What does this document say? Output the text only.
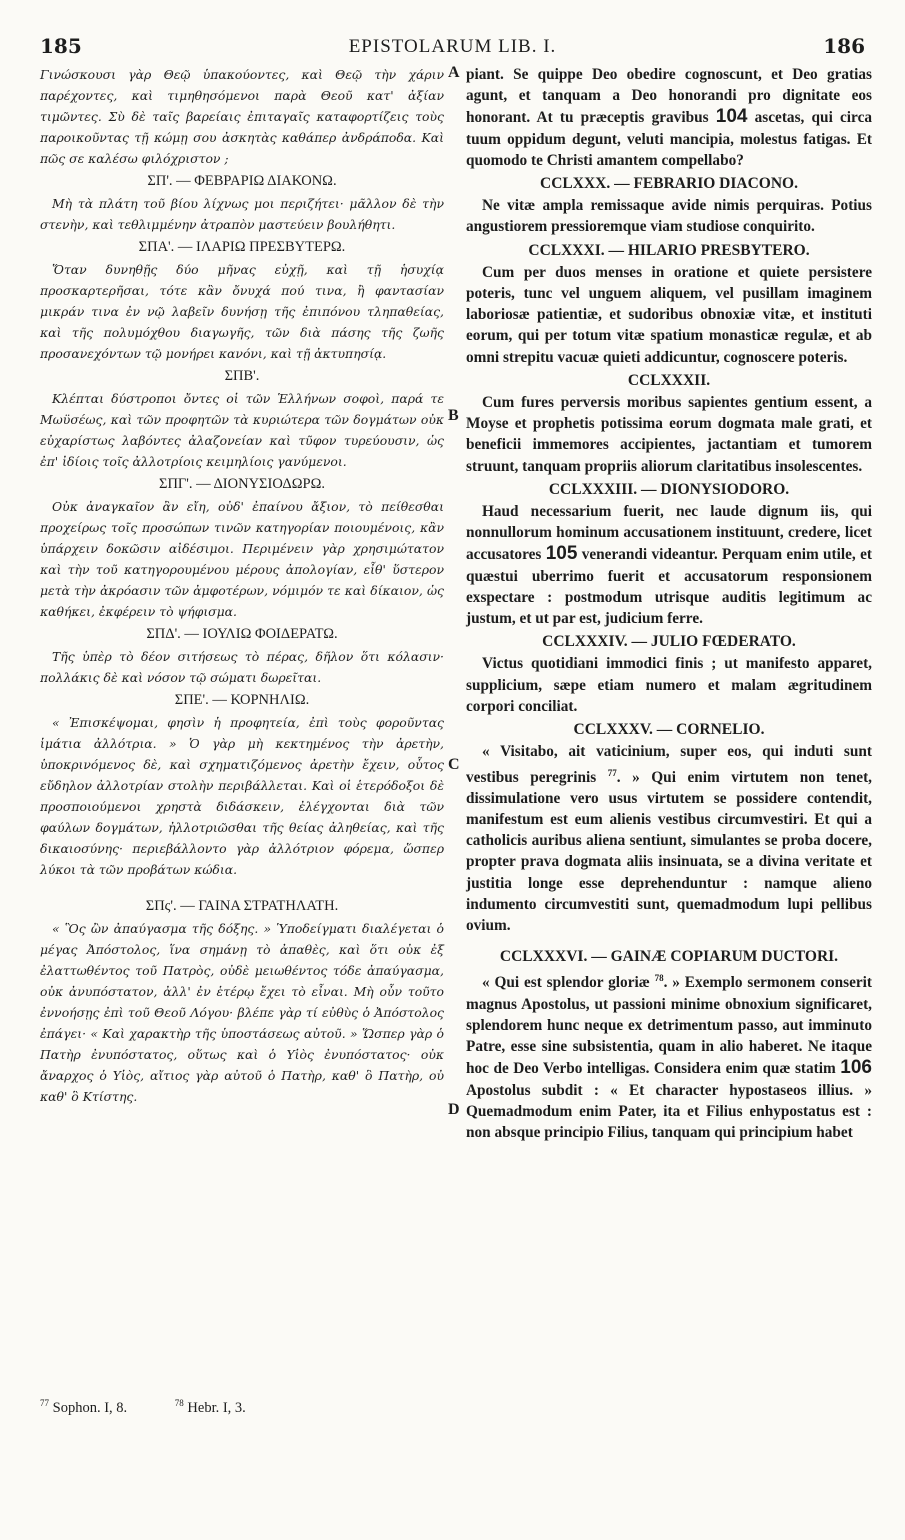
185	EPISTOLARUM LIB. I.	186

Γινώσκουσι γὰρ Θεῷ ὑπακούοντες, καὶ Θεῷ τὴν χάριν παρέχοντες, καὶ τιμηθησόμενοι παρὰ Θεοῦ κατ' ἀξίαν τιμῶντες. Σὺ δὲ ταῖς βαρείαις ἐπιταγαῖς καταφορτίζεις τοὺς παροικοῦντας τῇ κώμῃ σου ἀσκητὰς καθάπερ ἀνδράποδα. Καὶ πῶς σε καλέσω φιλόχριστον ;

ΣΠ'. — ΦΕΒΡΑΡΙΩ ΔΙΑΚΟΝΩ.

Μὴ τὰ πλάτη τοῦ βίου λίχνως μοι περιζήτει· μᾶλλον δὲ τὴν στενὴν, καὶ τεθλιμμένην ἀτραπὸν μαστεύειν βουλήθητι.

ΣΠΑ'. — ΙΛΑΡΙΩ ΠΡΕΣΒΥΤΕΡΩ.

Ὅταν δυνηθῇς δύο μῆνας εὐχῇ, καὶ τῇ ἡσυχίᾳ προσκαρτερῆσαι, τότε κἂν ὄνυχά πού τινα, ἢ φαντασίαν μικράν τινα ἐν νῷ λαβεῖν δυνήσῃ τῆς ἐπιπόνου τληπαθείας, καὶ τῆς πολυμόχθου διαγωγῆς, τῶν διὰ πάσης τῆς ζωῆς προσανεχόντων τῷ μονήρει κανόνι, καὶ τῇ ἀκτυπησίᾳ.

ΣΠΒ'.

Κλέπται δύστροποι ὄντες οἱ τῶν Ἑλλήνων σοφοὶ, παρά τε Μωϋσέως, καὶ τῶν προφητῶν τὰ κυριώτερα τῶν δογμάτων οὐκ εὐχαρίστως λαβόντες ἀλαζονείαν καὶ τῦφον τυρεύουσιν, ὡς ἐπ' ἰδίοις τοῖς ἀλλοτρίοις κειμηλίοις γανύμενοι.

ΣΠΓ'. — ΔΙΟΝΥΣΙΟΔΩΡΩ.

Οὐκ ἀναγκαῖον ἂν εἴη, οὐδ' ἐπαίνου ἄξιον, τὸ πείθεσθαι προχείρως τοῖς προσώπων τινῶν κατηγορίαν ποιουμένοις, κἂν ὑπάρχειν δοκῶσιν αἰδέσιμοι. Περιμένειν γὰρ χρησιμώτατον καὶ τὴν τοῦ κατηγορουμένου μέρους ἀπολογίαν, εἶθ' ὕστερον μετὰ τὴν ἀκρόασιν τῶν ἀμφοτέρων, νόμιμόν τε καὶ δίκαιον, ὡς καθήκει, ἐκφέρειν τὸ ψήφισμα.

ΣΠΔ'. — ΙΟΥΛΙΩ ΦΟΙΔΕΡΑΤΩ.

Τῆς ὑπὲρ τὸ δέον σιτήσεως τὸ πέρας, δῆλον ὅτι κόλασιν· πολλάκις δὲ καὶ νόσον τῷ σώματι δωρεῖται.

ΣΠΕ'. — ΚΟΡΝΗΛΙΩ.

« Ἐπισκέψομαι, φησὶν ἡ προφητεία, ἐπὶ τοὺς φοροῦντας ἱμάτια ἀλλότρια. » Ὁ γὰρ μὴ κεκτημένος τὴν ἀρετὴν, ὑποκρινόμενος δὲ, καὶ σχηματιζόμενος ἀρετὴν ἔχειν, οὗτος εὔδηλον ἀλλοτρίαν στολὴν περιβάλλεται. Καὶ οἱ ἑτερόδοξοι δὲ προσποιούμενοι χρηστὰ διδάσκειν, ἐλέγχονται διὰ τῶν φαύλων δογμάτων, ἠλλοτριῶσθαι τῆς θείας ἀληθείας, καὶ τῆς δικαιοσύνης· περιεβάλλοντο γὰρ ἀλλότριον φόρεμα, ὥσπερ λύκοι τὰ τῶν προβάτων κώδια.

ΣΠς'. — ΓΑΙΝΑ ΣΤΡΑΤΗΛΑΤΗ.

« Ὃς ὢν ἀπαύγασμα τῆς δόξης. » Ὑποδείγματι διαλέγεται ὁ μέγας Ἀπόστολος, ἵνα σημάνῃ τὸ ἀπαθὲς, καὶ ὅτι οὐκ ἐξ ἐλαττωθέντος τοῦ Πατρὸς, οὐδὲ μειωθέντος τόδε ἀπαύγασμα, οὐκ ἀνυπόστατον, ἀλλ' ἐν ἑτέρῳ ἔχει τὸ εἶναι. Μὴ οὖν τοῦτο ἐννοήσῃς ἐπὶ τοῦ Θεοῦ Λόγου· βλέπε γὰρ τί εὐθὺς ὁ Ἀπόστολος ἐπάγει· « Καὶ χαρακτὴρ τῆς ὑποστάσεως αὐτοῦ. » Ὥσπερ γὰρ ὁ Πατὴρ ἐνυπόστατος, οὕτως καὶ ὁ Υἱὸς ἐνυπόστατος· οὐκ ἄναρχος ὁ Υἱὸς, αἴτιος γὰρ αὐτοῦ ὁ Πατὴρ, καθ' ὃ Πατὴρ, οὐ καθ' ὃ Κτίστης.

A
B
C
D

piant. Se quippe Deo obedire cognoscunt, et Deo gratias agunt, et tanquam a Deo honorandi pro dignitate eos honorant. At tu præceptis gravibus 104 ascetas, qui circa tuum oppidum degunt, veluti mancipia, molestus fatigas. Et quomodo te Christi amantem compellabo?

CCLXXX. — FEBRARIO DIACONO.

Ne vitæ ampla remissaque avide nimis perquiras. Potius angustiorem pressioremque viam studiose conquirito.

CCLXXXI. — HILARIO PRESBYTERO.

Cum per duos menses in oratione et quiete persistere poteris, tunc vel unguem aliquem, vel pusillam imaginem laboriosæ patientiæ, et sudoribus obnoxiæ vitæ, et instituti eorum, qui per totum vitæ spatium monasticæ regulæ, et ab omni strepitu vacuæ quieti addicuntur, cognoscere poteris.

CCLXXXII.

Cum fures perversis moribus sapientes gentium essent, a Moyse et prophetis potissima eorum dogmata male grati, et beneficii immemores accipientes, jactantiam et tumorem struunt, tanquam propriis aliorum claritatibus insolescentes.

CCLXXXIII. — DIONYSIODORO.

Haud necessarium fuerit, nec laude dignum iis, qui nonnullorum hominum accusationem instituunt, credere, licet accusatores 105 venerandi videantur. Perquam enim utile, et quæstui uberrimo fuerit et accusatorum responsionem exspectare : postmodum utrisque auditis legitimum ac justum, et ut par est, judicium ferre.

CCLXXXIV. — JULIO FŒDERATO.

Victus quotidiani immodici finis ; ut manifesto apparet, supplicium, sæpe etiam numero et malam ægritudinem corpori conciliat.

CCLXXXV. — CORNELIO.

« Visitabo, ait vaticinium, super eos, qui induti sunt vestibus peregrinis $^{77}$. » Qui enim virtutem non tenet, dissimulatione vero usus virtutem se possidere contendit, manifestum est eum alienis vestibus circumvestiri. Et qui a catholicis auribus aliena sentiunt, simulantes se proba docere, propter prava dogmata aliis insinuata, se a divina veritate et justitia longe esse deprehenduntur : namque alieno indumento circumvestiti sunt, quemadmodum lupi pellibus ovium.

CCLXXXVI. — GAINÆ COPIARUM DUCTORI.

« Qui est splendor gloriæ $^{78}$. » Exemplo sermonem conserit magnus Apostolus, ut passioni minime obnoxium significaret, splendorem hunc neque ex detrimentum passo, aut imminuto Patre, esse sine subsistentia, quam in alio haberet. Ne itaque hoc de Deo Verbo intelligas. Considera enim quæ statim 106 Apostolus subdit : « Et character hypostaseos illius. » Quemadmodum enim Pater, ita et Filius enhypostatus est : non absque principio Filius, tanquam qui principium habet

$^{77}$ Sophon. I, 8.	$^{78}$ Hebr. I, 3.
